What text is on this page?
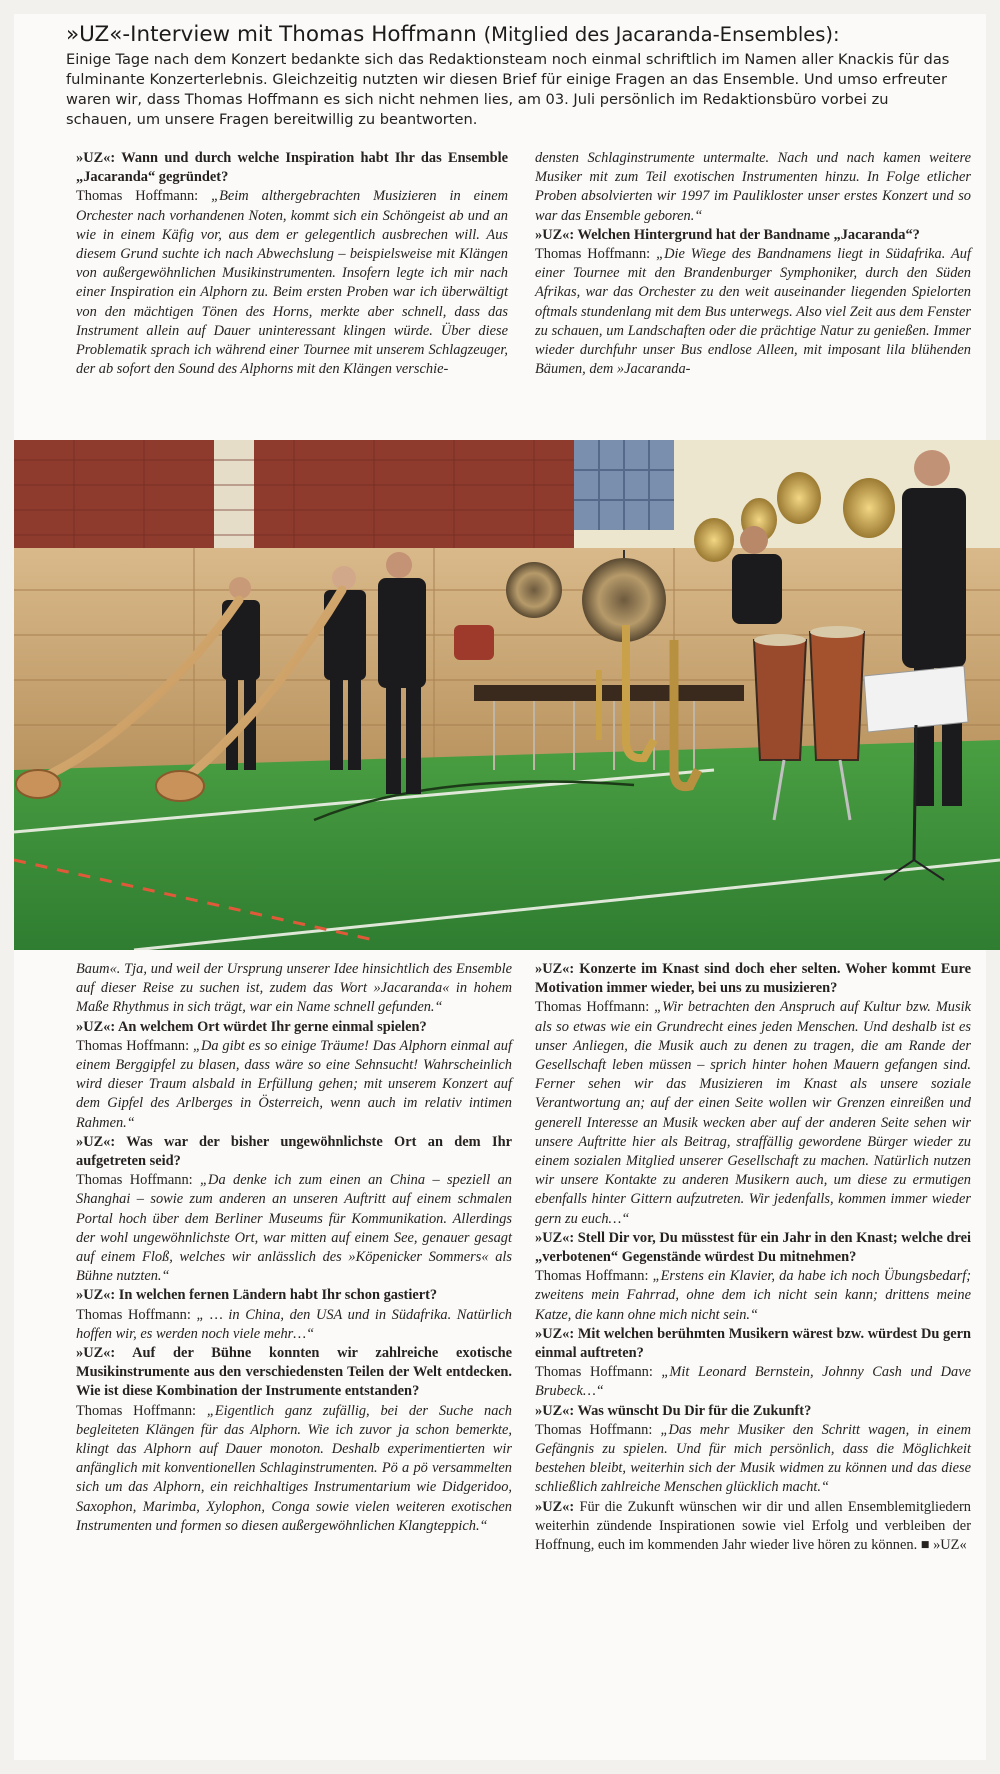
»UZ«-Interview mit Thomas Hoffmann (Mitglied des Jacaranda-Ensembles):
Einige Tage nach dem Konzert bedankte sich das Redaktionsteam noch einmal schriftlich im Namen aller Knackis für das fulminante Konzerterlebnis. Gleichzeitig nutzten wir diesen Brief für einige Fragen an das Ensemble. Und umso erfreuter waren wir, dass Thomas Hoffmann es sich nicht nehmen lies, am 03. Juli persönlich im Redaktionsbüro vorbei zu schauen, um unsere Fragen bereitwillig zu beantworten.

»UZ«: Wann und durch welche Inspiration habt Ihr das Ensemble „Jacaranda“ gegründet?

Thomas Hoffmann: „Beim althergebrachten Musizieren in einem Orchester nach vorhandenen Noten, kommt sich ein Schöngeist ab und an wie in einem Käfig vor, aus dem er gelegentlich ausbrechen will. Aus diesem Grund suchte ich nach Abwechslung – beispielsweise mit Klängen von außergewöhnlichen Musikinstrumenten. Insofern legte ich mir nach einer Inspiration ein Alphorn zu. Beim ersten Proben war ich überwältigt von den mächtigen Tönen des Horns, merkte aber schnell, dass das Instrument allein auf Dauer uninteressant klingen würde. Über diese Problematik sprach ich während einer Tournee mit unserem Schlagzeuger, der ab sofort den Sound des Alphorns mit den Klängen verschie-

densten Schlaginstrumente untermalte. Nach und nach kamen weitere Musiker mit zum Teil exotischen Instrumenten hinzu. In Folge etlicher Proben absolvierten wir 1997 im Paulikloster unser erstes Konzert und so war das Ensemble geboren.“

»UZ«: Welchen Hintergrund hat der Bandname „Jacaranda“?

Thomas Hoffmann: „Die Wiege des Bandnamens liegt in Südafrika. Auf einer Tournee mit den Brandenburger Symphoniker, durch den Süden Afrikas, war das Orchester zu den weit auseinander liegenden Spielorten oftmals stundenlang mit dem Bus unterwegs. Also viel Zeit aus dem Fenster zu schauen, um Landschaften oder die prächtige Natur zu genießen. Immer wieder durchfuhr unser Bus endlose Alleen, mit imposant lila blühenden Bäumen, dem »Jacaranda-

Baum«. Tja, und weil der Ursprung unserer Idee hinsichtlich des Ensemble auf dieser Reise zu suchen ist, zudem das Wort »Jacaranda« in hohem Maße Rhythmus in sich trägt, war ein Name schnell gefunden.“

»UZ«: An welchem Ort würdet Ihr gerne einmal spielen?

Thomas Hoffmann: „Da gibt es so einige Träume! Das Alphorn einmal auf einem Berggipfel zu blasen, dass wäre so eine Sehnsucht! Wahrscheinlich wird dieser Traum alsbald in Erfüllung gehen; mit unserem Konzert auf dem Gipfel des Arlberges in Österreich, wenn auch im relativ intimen Rahmen.“

»UZ«: Was war der bisher ungewöhnlichste Ort an dem Ihr aufgetreten seid?

Thomas Hoffmann: „Da denke ich zum einen an China – speziell an Shanghai – sowie zum anderen an unseren Auftritt auf einem schmalen Portal hoch über dem Berliner Museums für Kommunikation. Allerdings der wohl ungewöhnlichste Ort, war mitten auf einem See, genauer gesagt auf einem Floß, welches wir anlässlich des »Köpenicker Sommers« als Bühne nutzten.“

»UZ«: In welchen fernen Ländern habt Ihr schon gastiert?

Thomas Hoffmann: „ … in China, den USA und in Südafrika. Natürlich hoffen wir, es werden noch viele mehr…“

»UZ«: Auf der Bühne konnten wir zahlreiche exotische Musikinstrumente aus den verschiedensten Teilen der Welt entdecken. Wie ist diese Kombination der Instrumente entstanden?

Thomas Hoffmann: „Eigentlich ganz zufällig, bei der Suche nach begleiteten Klängen für das Alphorn. Wie ich zuvor ja schon bemerkte, klingt das Alphorn auf Dauer monoton. Deshalb experimentierten wir anfänglich mit konventionellen Schlaginstrumenten. Pö a pö versammelten sich um das Alphorn, ein reichhaltiges Instrumentarium wie Didgeridoo, Saxophon, Marimba, Xylophon, Conga sowie vielen weiteren exotischen Instrumenten und formen so diesen außergewöhnlichen Klangteppich.“

»UZ«: Konzerte im Knast sind doch eher selten. Woher kommt Eure Motivation immer wieder, bei uns zu musizieren?

Thomas Hoffmann: „Wir betrachten den Anspruch auf Kultur bzw. Musik als so etwas wie ein Grundrecht eines jeden Menschen. Und deshalb ist es unser Anliegen, die Musik auch zu denen zu tragen, die am Rande der Gesellschaft leben müssen – sprich hinter hohen Mauern gefangen sind. Ferner sehen wir das Musizieren im Knast als unsere soziale Verantwortung an; auf der einen Seite wollen wir Grenzen einreißen und generell Interesse an Musik wecken aber auf der anderen Seite sehen wir unsere Auftritte hier als Beitrag, straffällig gewordene Bürger wieder zu einem sozialen Mitglied unserer Gesellschaft zu machen. Natürlich nutzen wir unsere Kontakte zu anderen Musikern auch, um diese zu ermutigen ebenfalls hinter Gittern aufzutreten. Wir jedenfalls, kommen immer wieder gern zu euch…“

»UZ«: Stell Dir vor, Du müsstest für ein Jahr in den Knast; welche drei „verbotenen“ Gegenstände würdest Du mitnehmen?

Thomas Hoffmann: „Erstens ein Klavier, da habe ich noch Übungsbedarf; zweitens mein Fahrrad, ohne dem ich nicht sein kann; drittens meine Katze, die kann ohne mich nicht sein.“

»UZ«: Mit welchen berühmten Musikern wärest bzw. würdest Du gern einmal auftreten?

Thomas Hoffmann: „Mit Leonard Bernstein, Johnny Cash und Dave Brubeck…“

»UZ«: Was wünscht Du Dir für die Zukunft?

Thomas Hoffmann: „Das mehr Musiker den Schritt wagen, in einem Gefängnis zu spielen. Und für mich persönlich, dass die Möglichkeit bestehen bleibt, weiterhin sich der Musik widmen zu können und das diese schließlich zahlreiche Menschen glücklich macht.“

»UZ«: Für die Zukunft wünschen wir dir und allen Ensemblemitgliedern weiterhin zündende Inspirationen sowie viel Erfolg und verbleiben der Hoffnung, euch im kommenden Jahr wieder live hören zu können. ■ »UZ«
